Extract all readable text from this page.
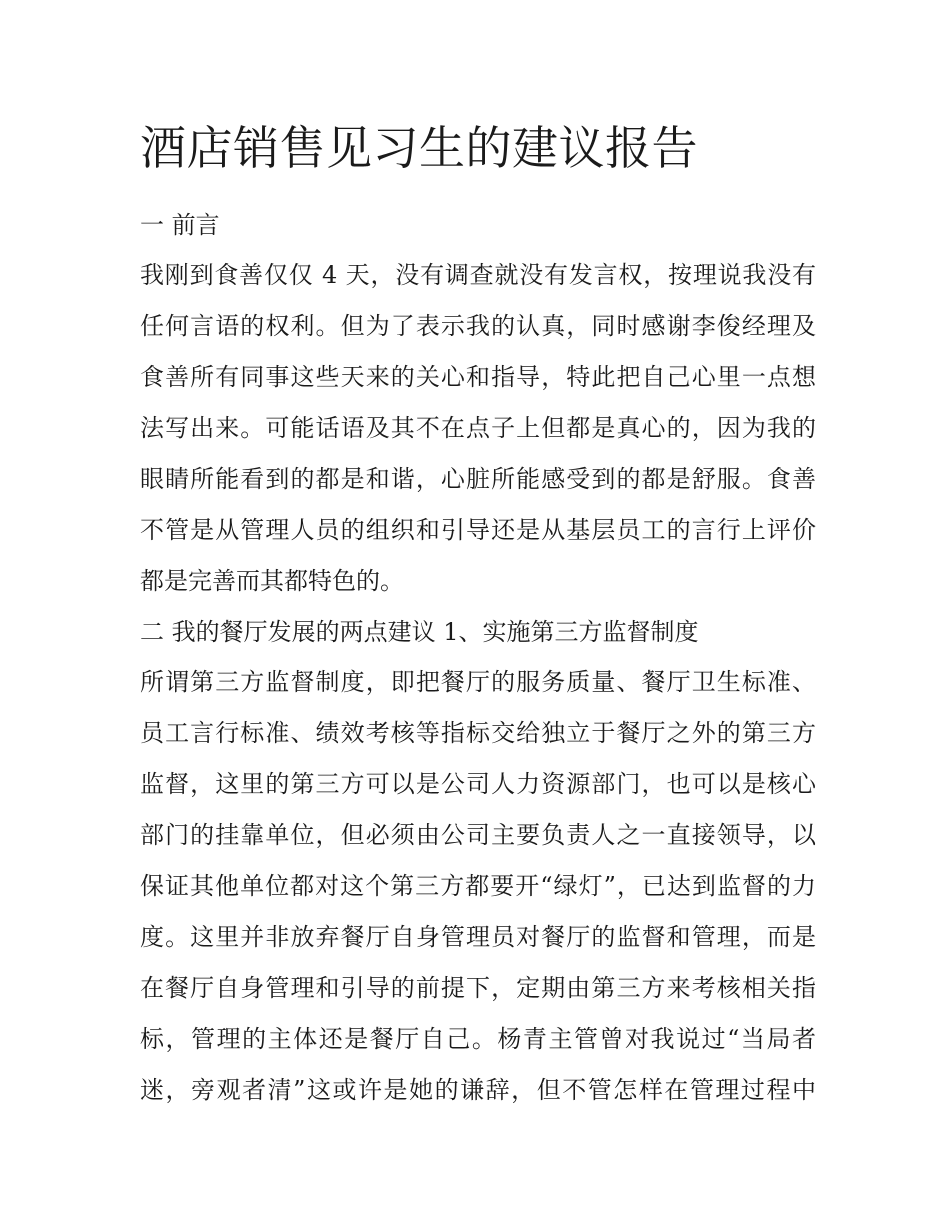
酒店销售见习生的建议报告
一 前言
我刚到食善仅仅 4 天，没有调查就没有发言权，按理说我没有
任何言语的权利。但为了表示我的认真，同时感谢李俊经理及
食善所有同事这些天来的关心和指导，特此把自己心里一点想
法写出来。可能话语及其不在点子上但都是真心的，因为我的
眼睛所能看到的都是和谐，心脏所能感受到的都是舒服。食善
不管是从管理人员的组织和引导还是从基层员工的言行上评价
都是完善而其都特色的。
二 我的餐厅发展的两点建议 1、实施第三方监督制度
所谓第三方监督制度，即把餐厅的服务质量、餐厅卫生标准、
员工言行标准、绩效考核等指标交给独立于餐厅之外的第三方
监督，这里的第三方可以是公司人力资源部门，也可以是核心
部门的挂靠单位，但必须由公司主要负责人之一直接领导，以
保证其他单位都对这个第三方都要开“绿灯”，已达到监督的力
度。这里并非放弃餐厅自身管理员对餐厅的监督和管理，而是
在餐厅自身管理和引导的前提下，定期由第三方来考核相关指
标，管理的主体还是餐厅自己。杨青主管曾对我说过“当局者
迷，旁观者清”这或许是她的谦辞，但不管怎样在管理过程中
